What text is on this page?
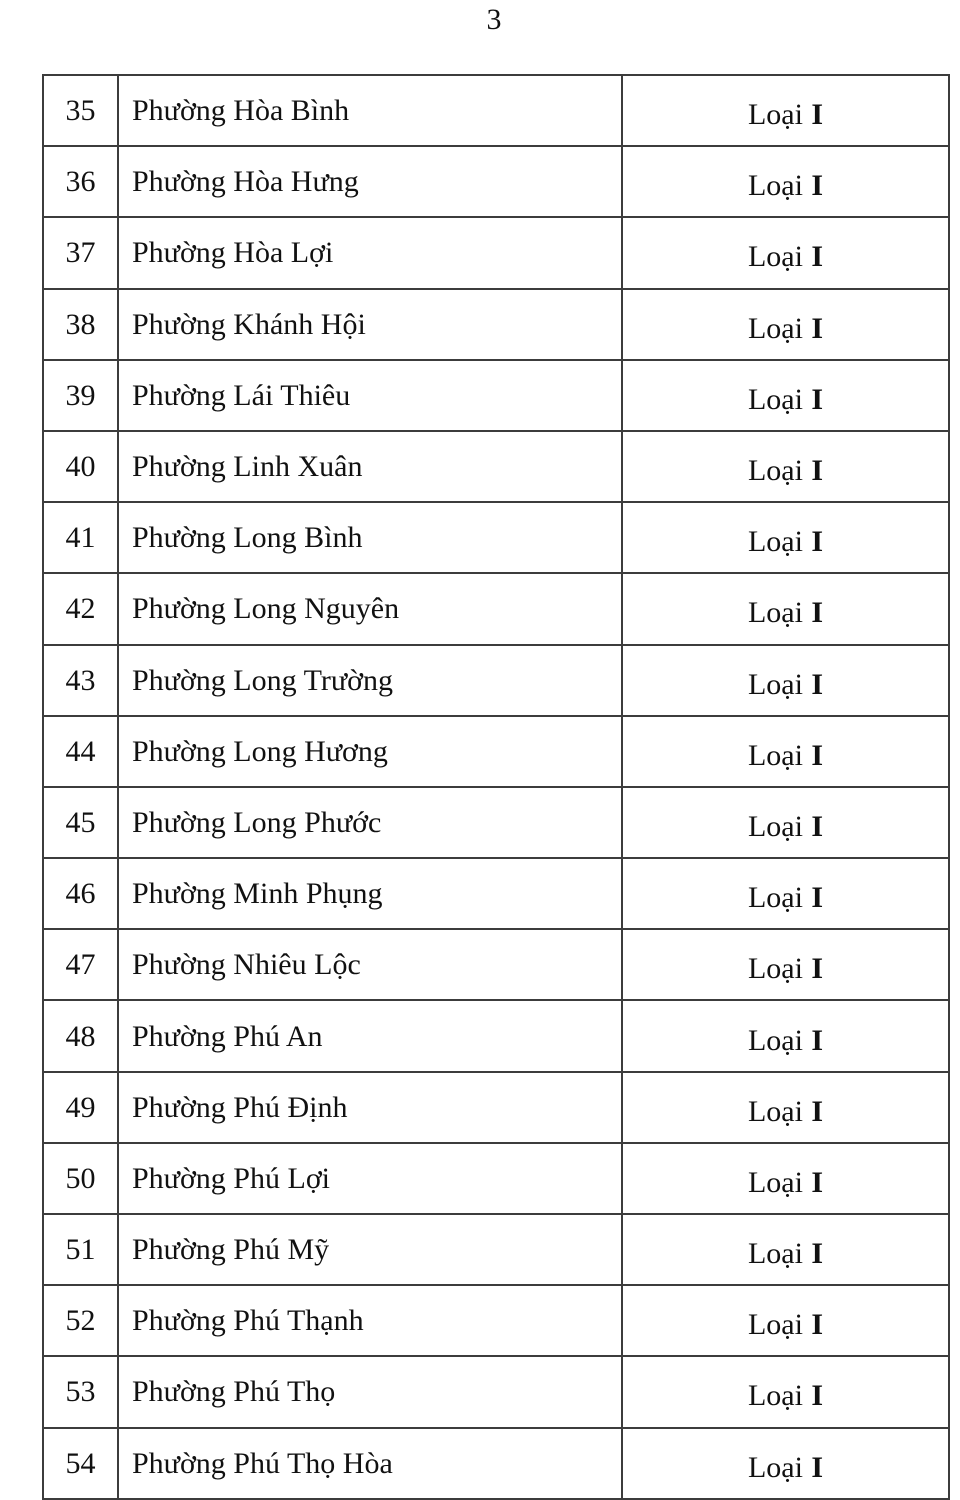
3
35	Phường Hòa Bình	Loại I
36	Phường Hòa Hưng	Loại I
37	Phường Hòa Lợi	Loại I
38	Phường Khánh Hội	Loại I
39	Phường Lái Thiêu	Loại I
40	Phường Linh Xuân	Loại I
41	Phường Long Bình	Loại I
42	Phường Long Nguyên	Loại I
43	Phường Long Trường	Loại I
44	Phường Long Hương	Loại I
45	Phường Long Phước	Loại I
46	Phường Minh Phụng	Loại I
47	Phường Nhiêu Lộc	Loại I
48	Phường Phú An	Loại I
49	Phường Phú Định	Loại I
50	Phường Phú Lợi	Loại I
51	Phường Phú Mỹ	Loại I
52	Phường Phú Thạnh	Loại I
53	Phường Phú Thọ	Loại I
54	Phường Phú Thọ Hòa	Loại I
